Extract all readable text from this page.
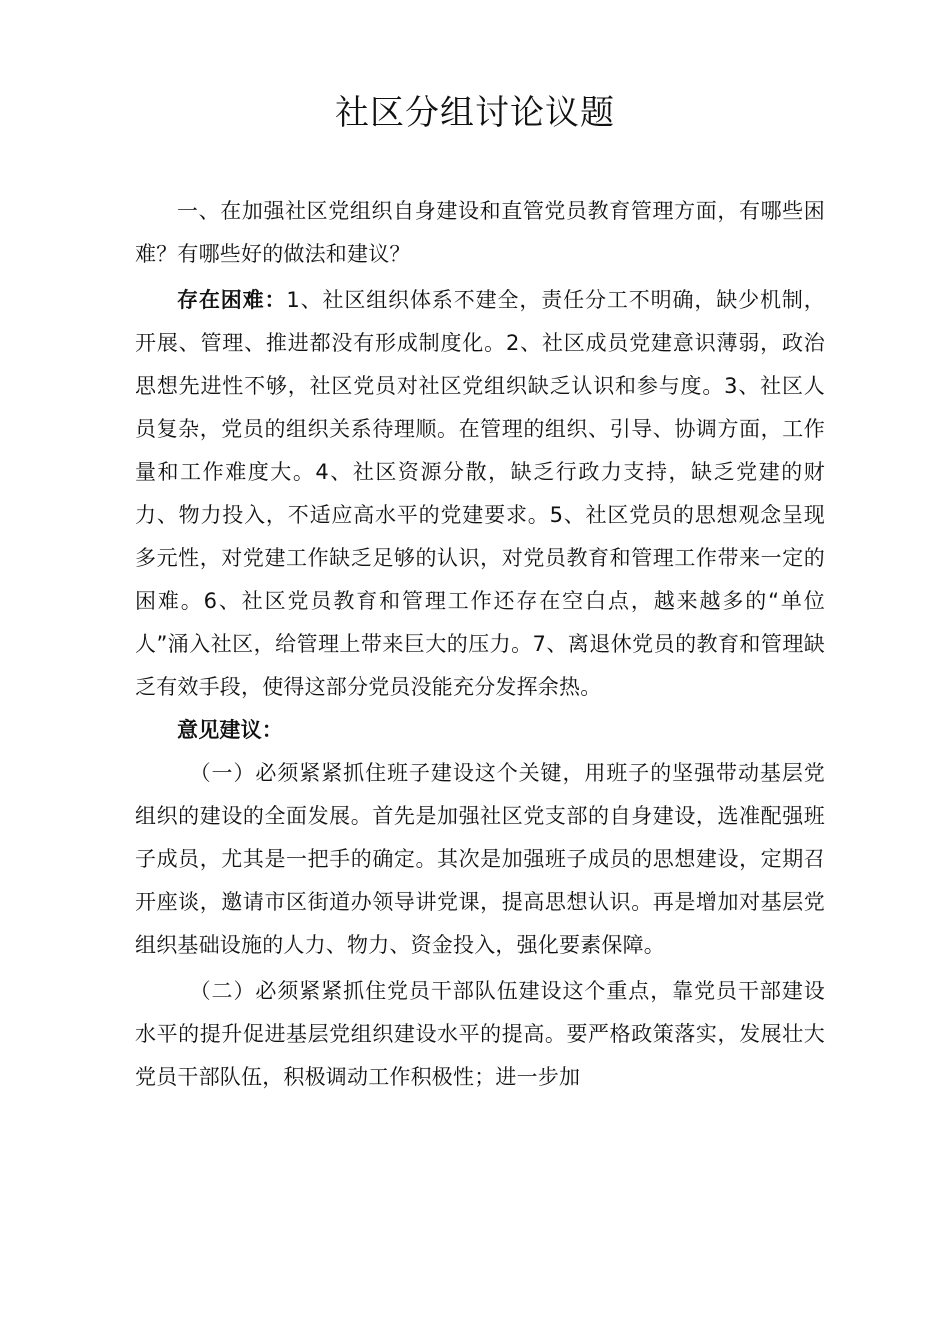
社区分组讨论议题

一、在加强社区党组织自身建设和直管党员教育管理方面，有哪些困难？有哪些好的做法和建议？

存在困难：1、社区组织体系不建全，责任分工不明确，缺少机制，开展、管理、推进都没有形成制度化。2、社区成员党建意识薄弱，政治思想先进性不够，社区党员对社区党组织缺乏认识和参与度。3、社区人员复杂，党员的组织关系待理顺。在管理的组织、引导、协调方面，工作量和工作难度大。4、社区资源分散，缺乏行政力支持，缺乏党建的财力、物力投入，不适应高水平的党建要求。5、社区党员的思想观念呈现多元性，对党建工作缺乏足够的认识，对党员教育和管理工作带来一定的困难。6、社区党员教育和管理工作还存在空白点，越来越多的“单位人”涌入社区，给管理上带来巨大的压力。7、离退休党员的教育和管理缺乏有效手段，使得这部分党员没能充分发挥余热。

意见建议：

（一）必须紧紧抓住班子建设这个关键，用班子的坚强带动基层党组织的建设的全面发展。首先是加强社区党支部的自身建设，选准配强班子成员，尤其是一把手的确定。其次是加强班子成员的思想建设，定期召开座谈，邀请市区街道办领导讲党课，提高思想认识。再是增加对基层党组织基础设施的人力、物力、资金投入，强化要素保障。

（二）必须紧紧抓住党员干部队伍建设这个重点，靠党员干部建设水平的提升促进基层党组织建设水平的提高。要严格政策落实，发展壮大党员干部队伍，积极调动工作积极性；进一步加
